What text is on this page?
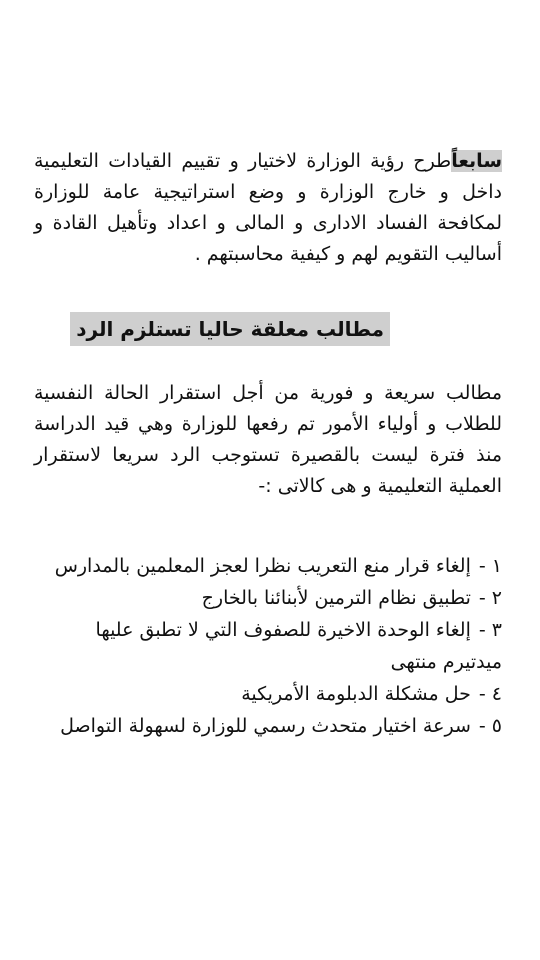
سابعاًطرح رؤية الوزارة لاختيار و تقييم القيادات التعليمية داخل و خارج الوزارة و وضع استراتيجية عامة للوزارة لمكافحة الفساد الادارى و المالى و اعداد وتأهيل القادة و أساليب التقويم لهم و كيفية محاسبتهم .

مطالب معلقة حاليا تستلزم الرد

مطالب سريعة و فورية من أجل استقرار الحالة النفسية للطلاب و أولياء الأمور تم رفعها للوزارة وهي قيد الدراسة منذ فترة ليست بالقصيرة تستوجب الرد سريعا لاستقرار العملية التعليمية و هى كالاتى :-

١ -إلغاء قرار منع التعريب نظرا لعجز المعلمين بالمدارس
٢ -تطبيق نظام الترمين لأبنائنا بالخارج
٣ -إلغاء الوحدة الاخيرة للصفوف التي لا تطبق عليها ميدتيرم منتهى
٤ -حل مشكلة الدبلومة الأمريكية
٥ -سرعة اختيار متحدث رسمي للوزارة لسهولة التواصل
